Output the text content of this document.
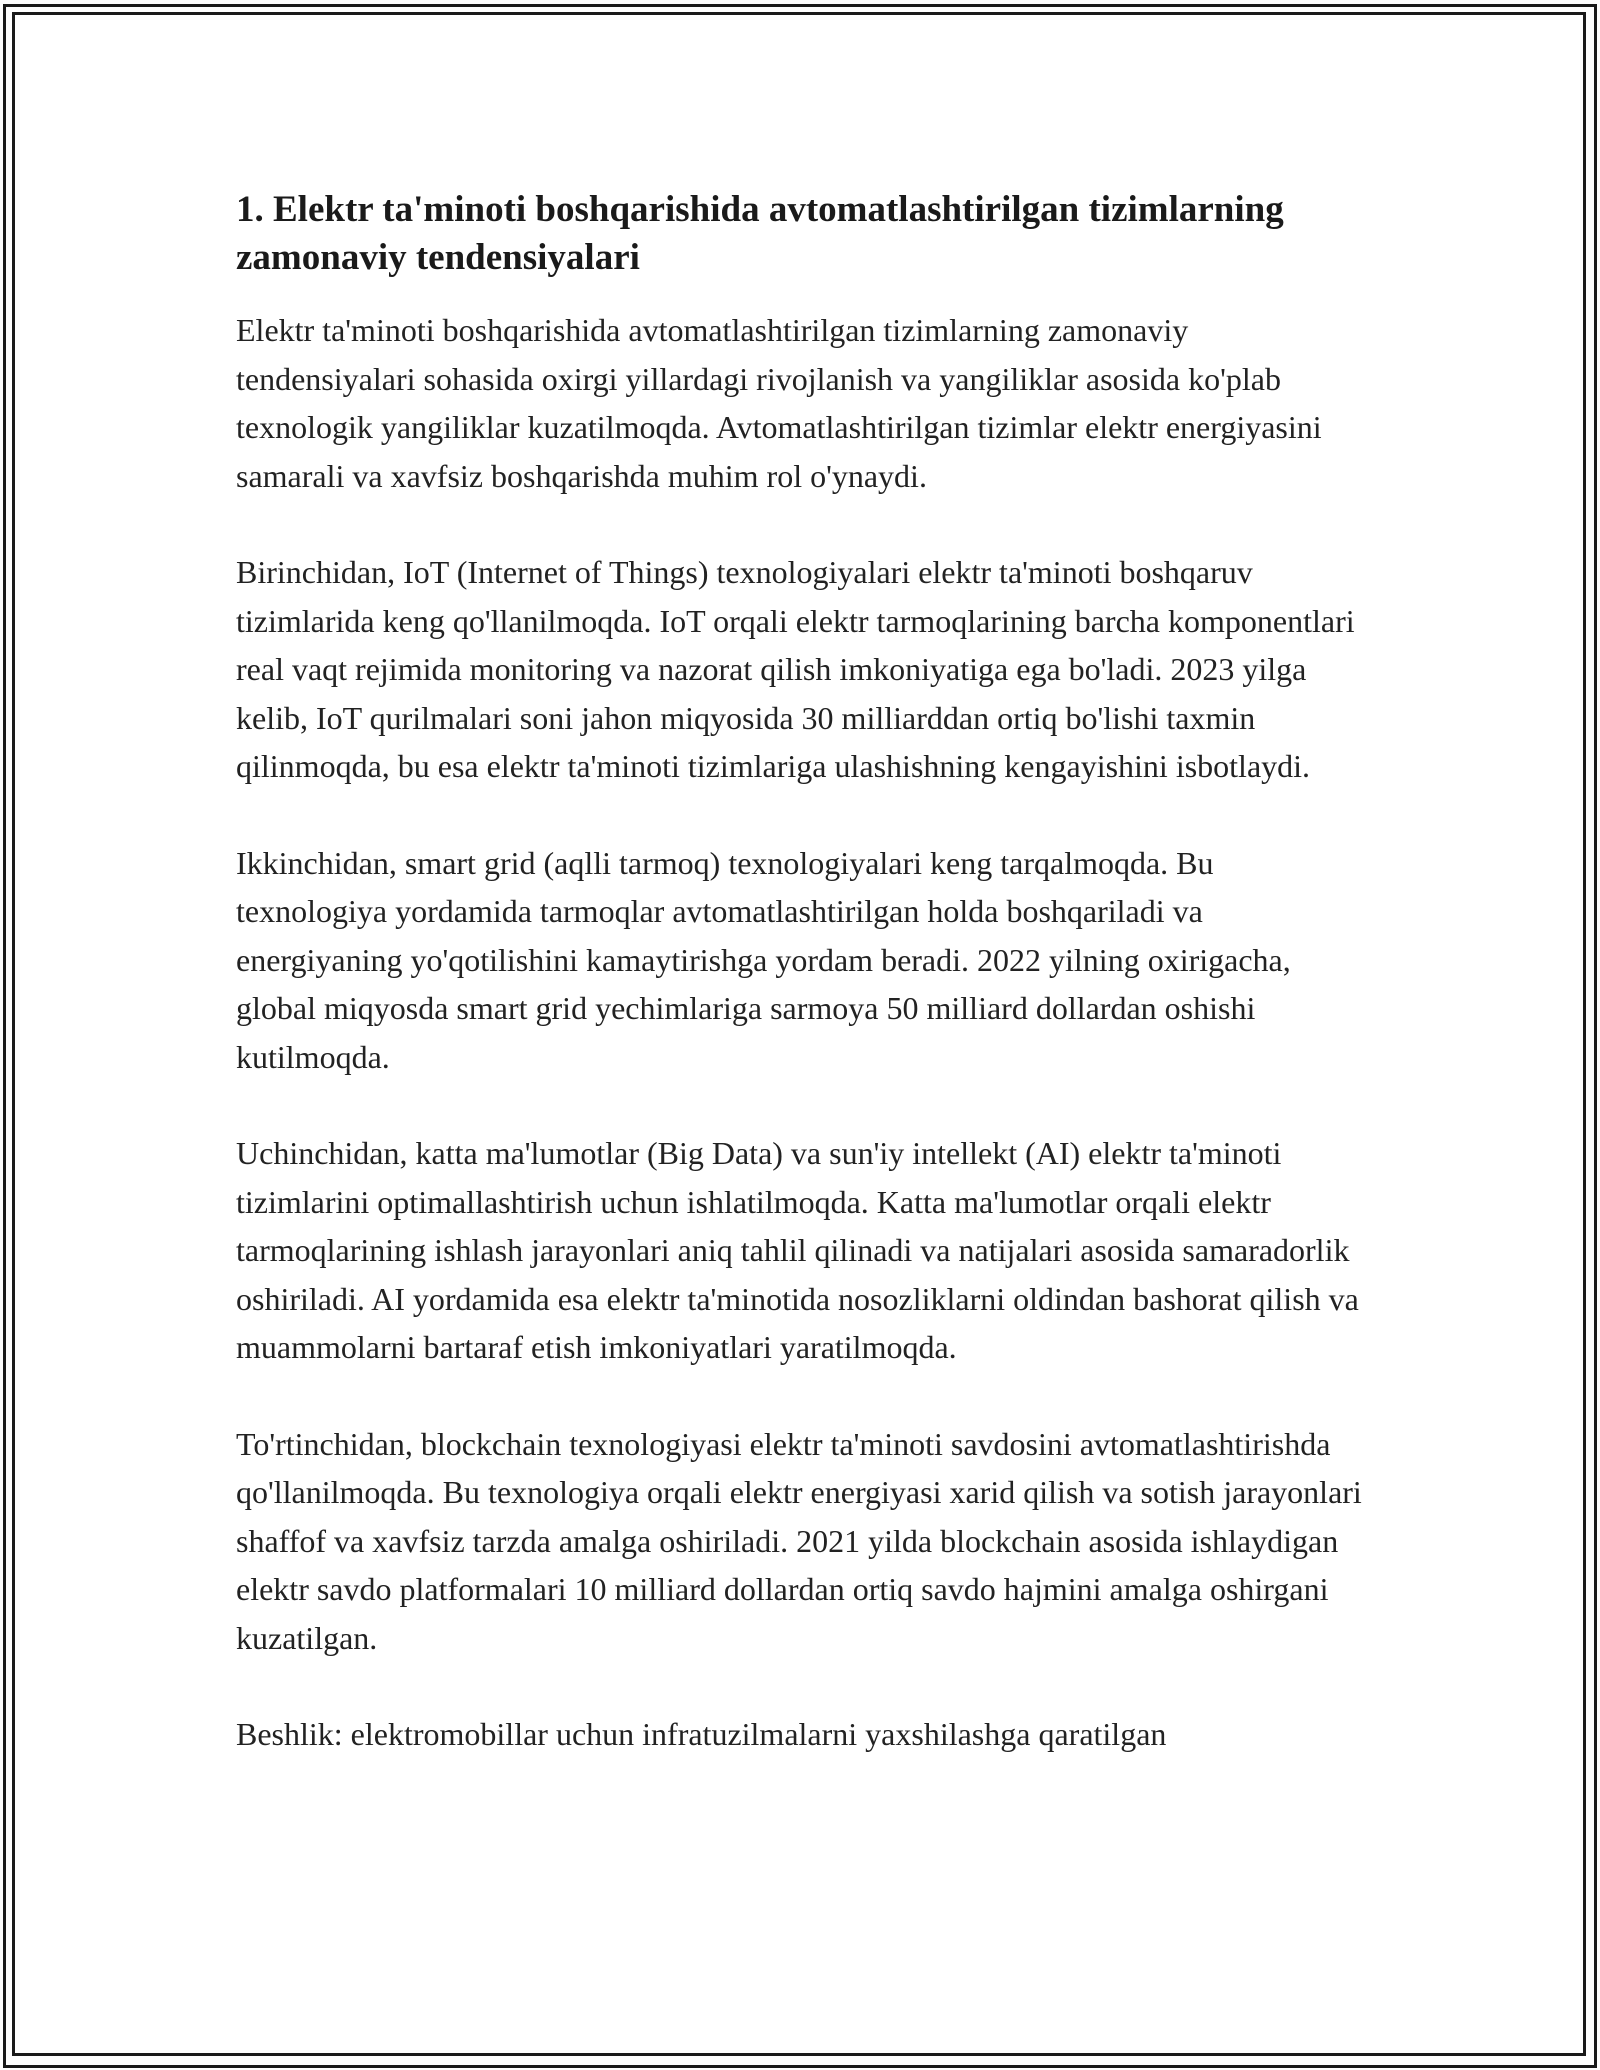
1. Elektr ta'minoti boshqarishida avtomatlashtirilgan tizimlarning zamonaviy tendensiyalari

Elektr ta'minoti boshqarishida avtomatlashtirilgan tizimlarning zamonaviy tendensiyalari sohasida oxirgi yillardagi rivojlanish va yangiliklar asosida ko'plab texnologik yangiliklar kuzatilmoqda. Avtomatlashtirilgan tizimlar elektr energiyasini samarali va xavfsiz boshqarishda muhim rol o'ynaydi.

Birinchidan, IoT (Internet of Things) texnologiyalari elektr ta'minoti boshqaruv tizimlarida keng qo'llanilmoqda. IoT orqali elektr tarmoqlarining barcha komponentlari real vaqt rejimida monitoring va nazorat qilish imkoniyatiga ega bo'ladi. 2023 yilga kelib, IoT qurilmalari soni jahon miqyosida 30 milliarddan ortiq bo'lishi taxmin qilinmoqda, bu esa elektr ta'minoti tizimlariga ulashishning kengayishini isbotlaydi.

Ikkinchidan, smart grid (aqlli tarmoq) texnologiyalari keng tarqalmoqda. Bu texnologiya yordamida tarmoqlar avtomatlashtirilgan holda boshqariladi va energiyaning yo'qotilishini kamaytirishga yordam beradi. 2022 yilning oxirigacha, global miqyosda smart grid yechimlariga sarmoya 50 milliard dollardan oshishi kutilmoqda.

Uchinchidan, katta ma'lumotlar (Big Data) va sun'iy intellekt (AI) elektr ta'minoti tizimlarini optimallashtirish uchun ishlatilmoqda. Katta ma'lumotlar orqali elektr tarmoqlarining ishlash jarayonlari aniq tahlil qilinadi va natijalari asosida samaradorlik oshiriladi. AI yordamida esa elektr ta'minotida nosozliklarni oldindan bashorat qilish va muammolarni bartaraf etish imkoniyatlari yaratilmoqda.

To'rtinchidan, blockchain texnologiyasi elektr ta'minoti savdosini avtomatlashtirishda qo'llanilmoqda. Bu texnologiya orqali elektr energiyasi xarid qilish va sotish jarayonlari shaffof va xavfsiz tarzda amalga oshiriladi. 2021 yilda blockchain asosida ishlaydigan elektr savdo platformalari 10 milliard dollardan ortiq savdo hajmini amalga oshirgani kuzatilgan.

Beshlik: elektromobillar uchun infratuzilmalarni yaxshilashga qaratilgan
